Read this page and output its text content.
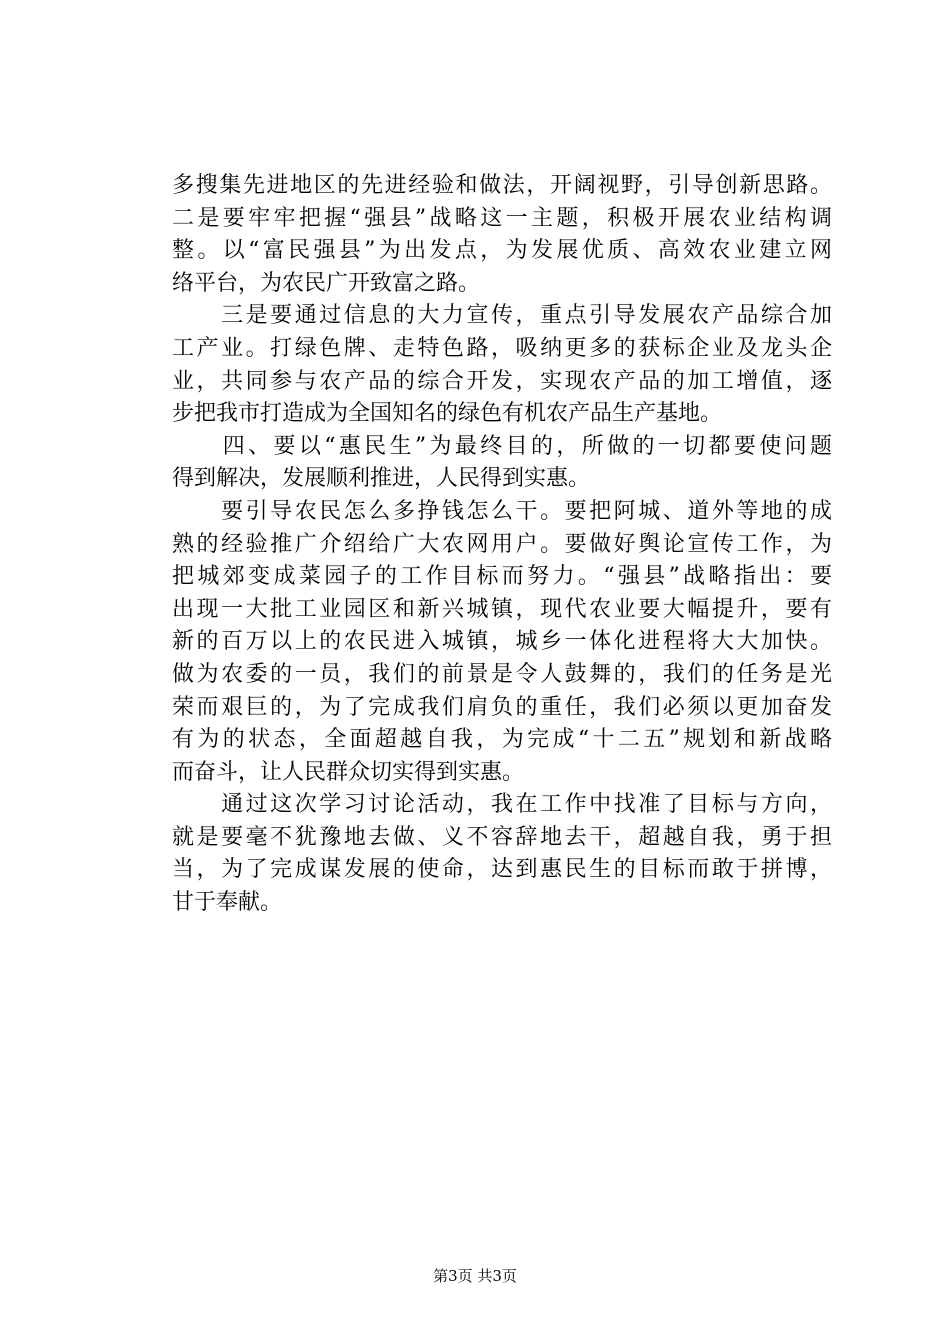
多搜集先进地区的先进经验和做法，开阔视野，引导创新思路。
二是要牢牢把握“强县”战略这一主题，积极开展农业结构调
整。以“富民强县”为出发点，为发展优质、高效农业建立网
络平台，为农民广开致富之路。
　　三是要通过信息的大力宣传，重点引导发展农产品综合加
工产业。打绿色牌、走特色路，吸纳更多的获标企业及龙头企
业，共同参与农产品的综合开发，实现农产品的加工增值，逐
步把我市打造成为全国知名的绿色有机农产品生产基地。
　　四、要以“惠民生”为最终目的，所做的一切都要使问题
得到解决，发展顺利推进，人民得到实惠。
　　要引导农民怎么多挣钱怎么干。要把阿城、道外等地的成
熟的经验推广介绍给广大农网用户。要做好舆论宣传工作，为
把城郊变成菜园子的工作目标而努力。“强县”战略指出：要
出现一大批工业园区和新兴城镇，现代农业要大幅提升，要有
新的百万以上的农民进入城镇，城乡一体化进程将大大加快。
做为农委的一员，我们的前景是令人鼓舞的，我们的任务是光
荣而艰巨的，为了完成我们肩负的重任，我们必须以更加奋发
有为的状态，全面超越自我，为完成“十二五”规划和新战略
而奋斗，让人民群众切实得到实惠。
　　通过这次学习讨论活动，我在工作中找准了目标与方向，
就是要毫不犹豫地去做、义不容辞地去干，超越自我，勇于担
当，为了完成谋发展的使命，达到惠民生的目标而敢于拼博，
甘于奉献。
第3页 共3页
